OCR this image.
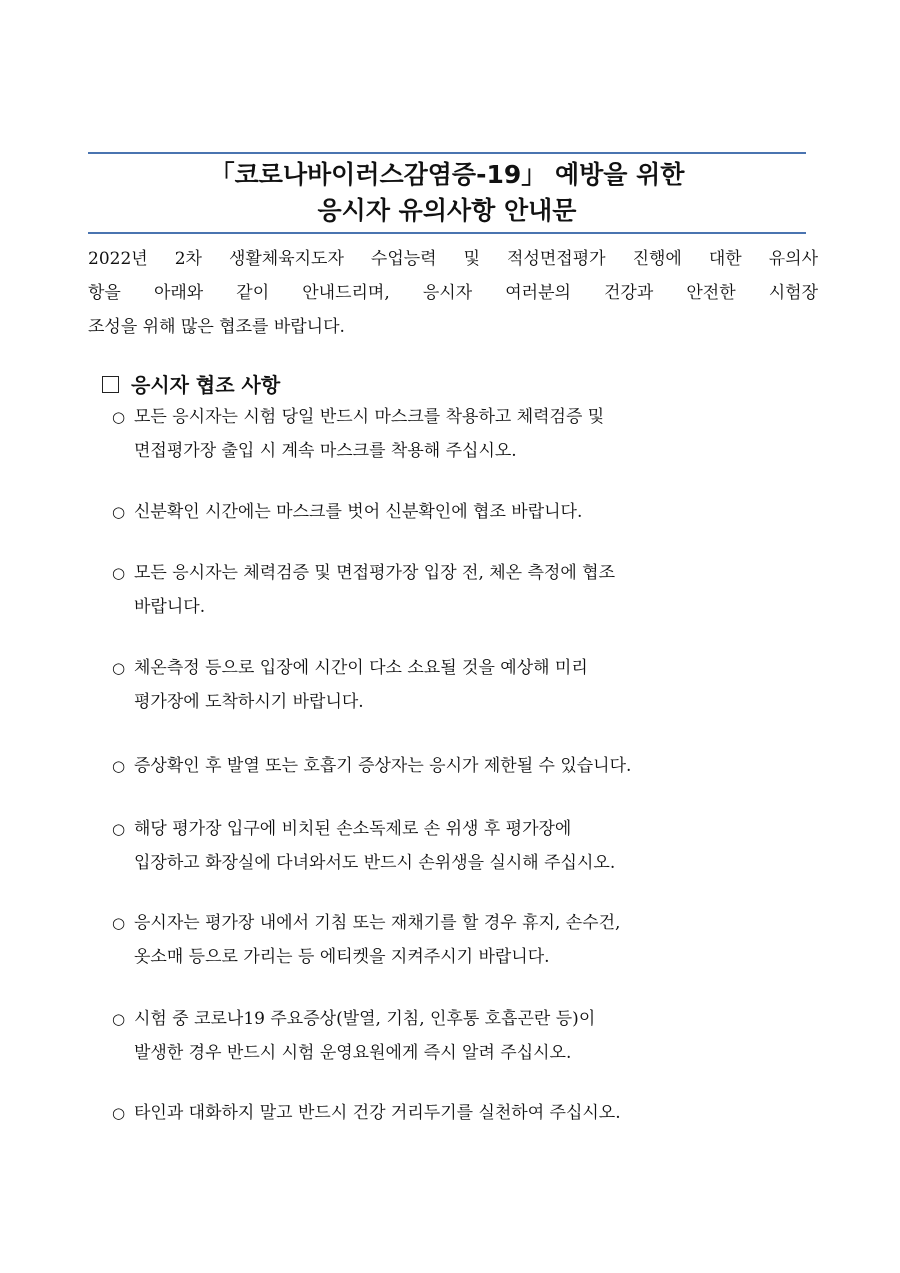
「코로나바이러스감염증-19」 예방을 위한
응시자 유의사항 안내문
2022년 2차 생활체육지도자 수업능력 및 적성면접평가 진행에 대한 유의사
항을 아래와 같이 안내드리며, 응시자 여러분의 건강과 안전한 시험장
조성을 위해 많은 협조를 바랍니다.
응시자 협조 사항
○ 모든 응시자는 시험 당일 반드시 마스크를 착용하고 체력검증 및
면접평가장 출입 시 계속 마스크를 착용해 주십시오.
○ 신분확인 시간에는 마스크를 벗어 신분확인에 협조 바랍니다.
○ 모든 응시자는 체력검증 및 면접평가장 입장 전, 체온 측정에 협조
바랍니다.
○ 체온측정 등으로 입장에 시간이 다소 소요될 것을 예상해 미리
평가장에 도착하시기 바랍니다.
○ 증상확인 후 발열 또는 호흡기 증상자는 응시가 제한될 수 있습니다.
○ 해당 평가장 입구에 비치된 손소독제로 손 위생 후 평가장에
입장하고 화장실에 다녀와서도 반드시 손위생을 실시해 주십시오.
○ 응시자는 평가장 내에서 기침 또는 재채기를 할 경우 휴지, 손수건,
옷소매 등으로 가리는 등 에티켓을 지켜주시기 바랍니다.
○ 시험 중 코로나19 주요증상(발열, 기침, 인후통 호흡곤란 등)이
발생한 경우 반드시 시험 운영요원에게 즉시 알려 주십시오.
○ 타인과 대화하지 말고 반드시 건강 거리두기를 실천하여 주십시오.
